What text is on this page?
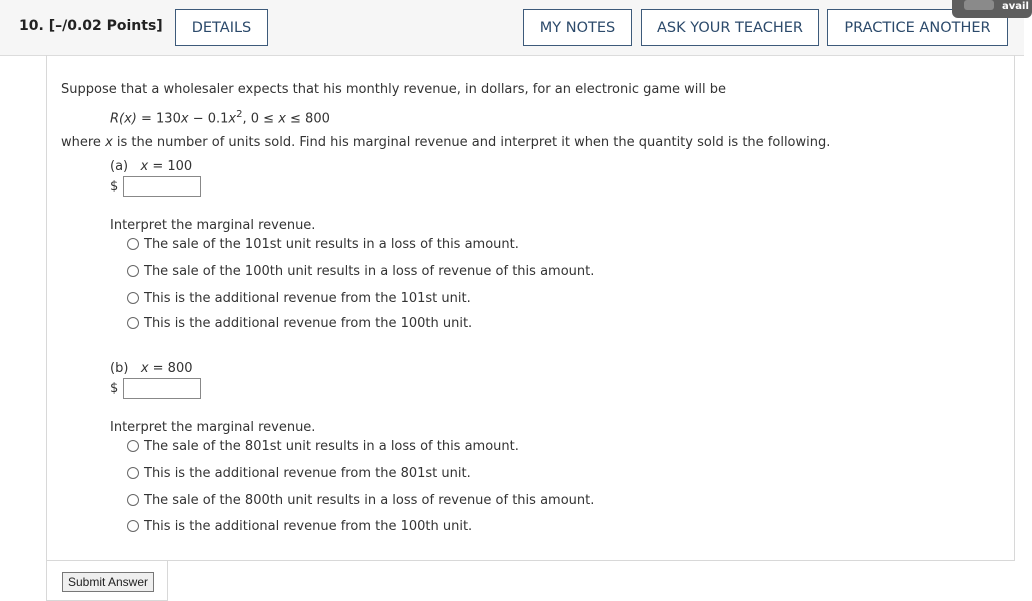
10. [–/0.02 Points]	DETAILS	MY NOTES	ASK YOUR TEACHER	PRACTICE ANOTHER
avail
Suppose that a wholesaler expects that his monthly revenue, in dollars, for an electronic game will be
$R(x) = 130x - 0.1x^2$, 0 ≤ x ≤ 800
where x is the number of units sold. Find his marginal revenue and interpret it when the quantity sold is the following.
(a) x = 100
$
Interpret the marginal revenue.
The sale of the 101st unit results in a loss of this amount.
The sale of the 100th unit results in a loss of revenue of this amount.
This is the additional revenue from the 101st unit.
This is the additional revenue from the 100th unit.
(b) x = 800
$
Interpret the marginal revenue.
The sale of the 801st unit results in a loss of this amount.
This is the additional revenue from the 801st unit.
The sale of the 800th unit results in a loss of revenue of this amount.
This is the additional revenue from the 100th unit.
Submit Answer
